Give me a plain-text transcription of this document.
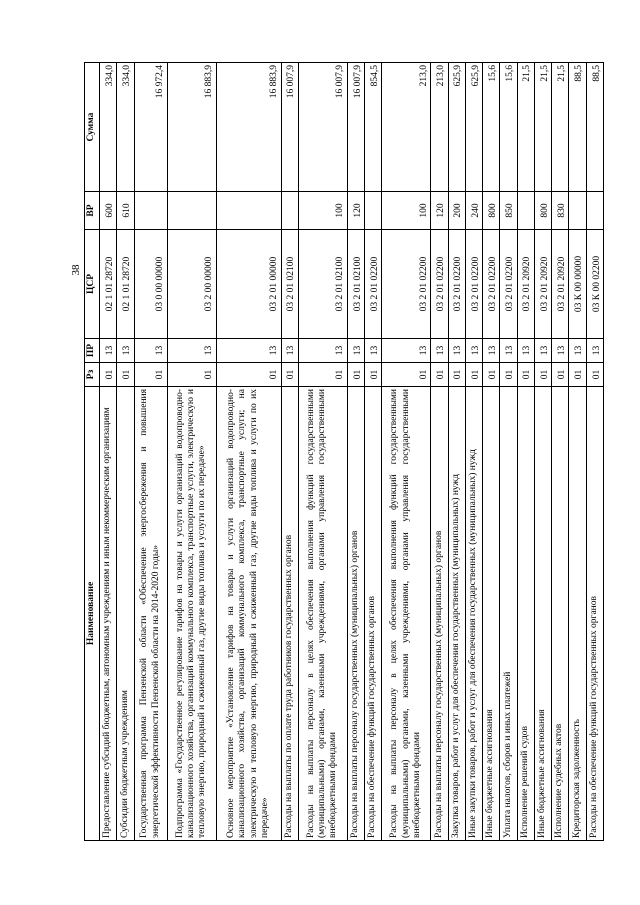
38
Наименование	Рз	ПР	ЦСР	ВР	Сумма
Предоставление субсидий бюджетным, автономным учреждениям и иным некоммерческим организациям	01	13	02 1 01 28720	600	334,0
Субсидии бюджетным учреждениям	01	13	02 1 01 28720	610	334,0
Государственная программа Пензенской области «Обеспечение энергосбережения и повышения энергетической эффективности Пензенской области на 2014-2020 годы»	01	13	03 0 00 00000		16 972,4
Подпрограмма «Государственное регулирование тарифов на товары и услуги организаций водопроводно-канализационного хозяйства, организаций коммунального комплекса, транспортные услуги, электрическую и тепловую энергию, природный и сжиженный газ, другие виды топлива и услуги по их передаче»	01	13	03 2 00 00000		16 883,9
Основное мероприятие «Установление тарифов на товары и услуги организаций водопроводно-канализационного хозяйства, организаций коммунального комплекса, транспортные услуги; на электрическую и тепловую энергию, природный и сжиженный газ, другие виды топлива и услуги по их передаче»	01	13	03 2 01 00000		16 883,9
Расходы на выплаты по оплате труда работников государственных органов	01	13	03 2 01 02100		16 007,9
Расходы на выплаты персоналу в целях обеспечения выполнения функций государственными (муниципальными) органами, казенными учреждениями, органами управления государственными внебюджетными фондами	01	13	03 2 01 02100	100	16 007,9
Расходы на выплаты персоналу государственных (муниципальных) органов	01	13	03 2 01 02100	120	16 007,9
Расходы на обеспечение функций государственных органов	01	13	03 2 01 02200		854,5
Расходы на выплаты персоналу в целях обеспечения выполнения функций государственными (муниципальными) органами, казенными учреждениями, органами управления государственными внебюджетными фондами	01	13	03 2 01 02200	100	213,0
Расходы на выплаты персоналу государственных (муниципальных) органов	01	13	03 2 01 02200	120	213,0
Закупка товаров, работ и услуг для обеспечения государственных (муниципальных) нужд	01	13	03 2 01 02200	200	625,9
Иные закупки товаров, работ и услуг для обеспечения государственных (муниципальных) нужд	01	13	03 2 01 02200	240	625,9
Иные бюджетные ассигнования	01	13	03 2 01 02200	800	15,6
Уплата налогов, сборов и иных платежей	01	13	03 2 01 02200	850	15,6
Исполнение решений судов	01	13	03 2 01 20920		21,5
Иные бюджетные ассигнования	01	13	03 2 01 20920	800	21,5
Исполнение судебных актов	01	13	03 2 01 20920	830	21,5
Кредиторская задолженность	01	13	03 К 00 00000		88,5
Расходы на обеспечение функций государственных органов	01	13	03 К 00 02200		88,5
